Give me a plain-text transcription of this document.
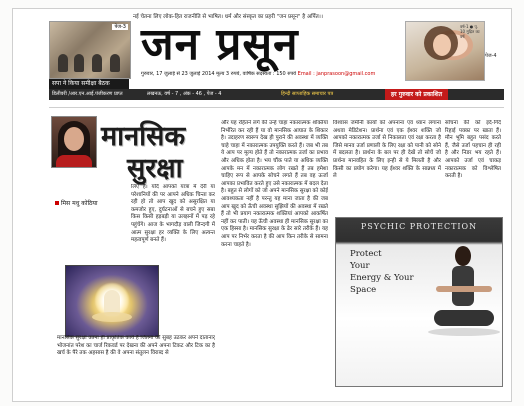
नई चेतना लिए लोक-हित राजनीति से भाषित। धर्म और संस्कृत का प्रहरी "जन प्रसून" है अर्पित।।
पेज-3
सपा ने किया समीक्षा बैठक
जन प्रसून	वर्ष-1 ● पृ. 10 मुद्रित का वर्ष
पेज-4
गुरुवार, 17 जुलाई से 23 जुलाई 2014 मूल्य 3 रुपये, वार्षिक सदस्यता : 150 रुपये Email : janprasoon@gmail.com
डिलीवरी /आर.एन.आई.पंजीकरण प्राप्त	लखनऊ, वर्ष - 7 , अंक - 46 , पेज - 4	हिन्दी साप्ताहिक समाचार पत्र	हर गुरुवार को प्रकाशित
मानसिक
सुरक्षा
मिस मधु कोठिया
लिए है। यदि आपको यात्रा में देरी या परेशानियों की पर आपने अधिक चिन्ता कर रही हो तो आप खुद को असुरक्षित या कमजोर हुए, दुर्घटनाओं से बचने हुए सबा किस किसी हड़बड़ी या उलझनों में पड़ रहे पहुंचेंगे। आज के भागदौड़ वाली जिन्दगी में आत्म सुरक्षा हर व्यक्ति के लिए अत्यन्त महत्वपूर्ण बनते हैं।
मानसिक सुरक्षा उतना ही प्राकृतिक कार्य है जितना की सुबह उठकर अपने दातानार् भोजनांत परेश का चार्ज रिकवर्ड पर देखना की अपने अपना टिकट और टिक का है खर्च के पैरे तक अहसास है की वे अपना संतुलन विराब्द से
और यह रहितने लगे की उन्हें चाहा नकारात्मक शक्तियां निर्भरित कर रही हैं या वो मानसिक आघात के शिकार है। उदाहरण स्वरूप देख ही पुराने की अवस्था में व्यक्ति चाहे चाहा में नकारात्मक उपयुक्ति करते हैं। जब भी तब ये आप पर मूल्य होते हैं तो नकारात्मक उर्जा का प्रभाव और अधिक होता है। भय चौंक पाते या अधिक व्यक्ति आपके मन में नकारात्मक लोग रखते हैं तब हमेशा चाहिए रूप से आपके सोचने लगते हैं तब वह ऊर्जा आपका प्रभावित करते हुए उसे नकारात्मक में बदल देता है। बहुत से लोगों को जो अपने मानसिक सुरक्षा को कोई आवश्यकता नहीं है परन्तु यह माना जाता है की जब आप खुद को ऊँची अवस्था सुझियों की अवस्था में रखते हैं तो भी प्रयाग नकारात्मक शक्तियां आपको आकर्षित नहीं कर पाती। यह ऊँची अवस्था ही मानसिक सुरक्षा का एक हिस्सा है। मानसिक सुरक्षा के ढेर सारे तरीके हैं। यह आप पर निर्भर करता है की आप किन तरीके से सामना करना चाहते है।
विश्वास जमीनी कार्यों को अपनाना एवं ध्यान लगाना अथवा मेडिटेशन। प्रार्थना एवं एक ईश्वर शक्ति जो आपको नकारात्मक उर्जा से निकालता एवं रक्षा करता है जिसे मानव उर्जा प्रणाली के लिए रक्षा को पानी को सोने में बदलता है। प्रार्थना के बल पर ही देखें तो सोचें जो प्रार्थना मानवहित के लिए इन्ही से ये मिलती है और किसी का प्रयोग करेगा। यह ईश्वर शक्ति के सान्नध्य में ले
सोचना की को इर्द-गिर्द रिहाई पक्का पर खाता हैं। मौन भूमि बहुत पसंद करते हैं, जैसे उर्जा पहचान ही रही है और निडर भय रहते हैं। आपको उर्जा एवं चाकड़ नकारात्मक को विश्लेषित करती है।
PSYCHIC PROTECTION
Protect
Your
Energy & Your
Space
